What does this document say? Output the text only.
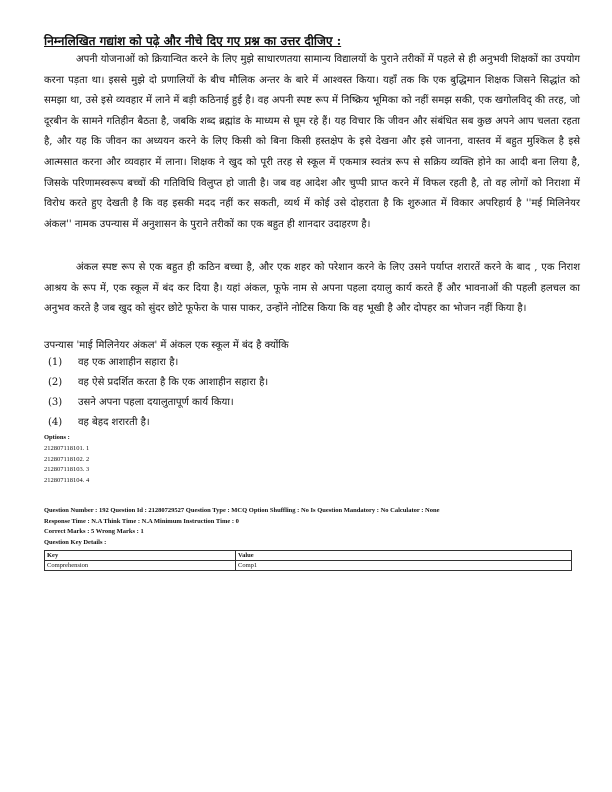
निम्नलिखित गद्यांश को पढ़े और नीचे दिए गए प्रश्न का उत्तर दीजिए :

अपनी योजनाओं को क्रियान्वित करने के लिए मुझे साधारणतया सामान्य विद्यालयों के पुराने तरीकों में पहले से ही अनुभवी शिक्षकों का उपयोग करना पड़ता था। इससे मुझे दो प्रणालियों के बीच मौलिक अन्तर के बारे में आश्वस्त किया। यहाँ तक कि एक बुद्धिमान शिक्षक जिसने सिद्धांत को समझा था, उसे इसे व्यवहार में लाने में बड़ी कठिनाई हुई है। वह अपनी स्पष्ट रूप में निष्क्रिय भूमिका को नहीं समझ सकी, एक खगोलविद् की तरह, जो दूरबीन के सामने गतिहीन बैठता है, जबकि शब्द ब्रह्मांड के माध्यम से घूम रहे हैं। यह विचार कि जीवन और संबंधित सब कुछ अपने आप चलता रहता है, और यह कि जीवन का अध्ययन करने के लिए किसी को बिना किसी हस्तक्षेप के इसे देखना और इसे जानना, वास्तव में बहुत मुश्किल है इसे आत्मसात करना और व्यवहार में लाना। शिक्षक ने खुद को पूरी तरह से स्कूल में एकमात्र स्वतंत्र रूप से सक्रिय व्यक्ति होने का आदी बना लिया है, जिसके परिणामस्वरूप बच्चों की गतिविधि विलुप्त हो जाती है। जब वह आदेश और चुप्पी प्राप्त करने में विफल रहती है, तो वह लोगों को निराशा में विरोध करते हुए देखती है कि वह इसकी मदद नहीं कर सकती, व्यर्थ में कोई उसे दोहराता है कि शुरुआत में विकार अपरिहार्य है ''मई मिलिनेयर अंकल'' नामक उपन्यास में अनुशासन के पुराने तरीकों का एक बहुत ही शानदार उदाहरण है।

अंकल स्पष्ट रूप से एक बहुत ही कठिन बच्चा है, और एक शहर को परेशान करने के लिए उसने पर्याप्त शरारतें करने के बाद , एक निराश आश्रय के रूप में, एक स्कूल में बंद कर दिया है। यहां अंकल, फूफे नाम से अपना पहला दयालु कार्य करते हैं और भावनाओं की पहली हलचल का अनुभव करते है जब खुद को सुंदर छोटे फूफेरा के पास पाकर, उन्होंने नोटिस किया कि वह भूखी है और दोपहर का भोजन नहीं किया है।

उपन्यास 'माई मिलिनेयर अंकल' में अंकल एक स्कूल में बंद है क्योंकि
(1) वह एक आशाहीन सहारा है।
(2) वह ऐसे प्रदर्शित करता है कि एक आशाहीन सहारा है।
(3) उसने अपना पहला दयालुतापूर्ण कार्य किया।
(4) वह बेहद शरारती है।
Options :
212807118101. 1
212807118102. 2
212807118103. 3
212807118104. 4
Question Number : 192 Question Id : 21280729527 Question Type : MCQ Option Shuffling : No Is Question Mandatory : No Calculator : None
Response Time : N.A Think Time : N.A Minimum Instruction Time : 0
Correct Marks : 5 Wrong Marks : 1
Question Key Details :
Key	Value
Comprehension	Comp1
